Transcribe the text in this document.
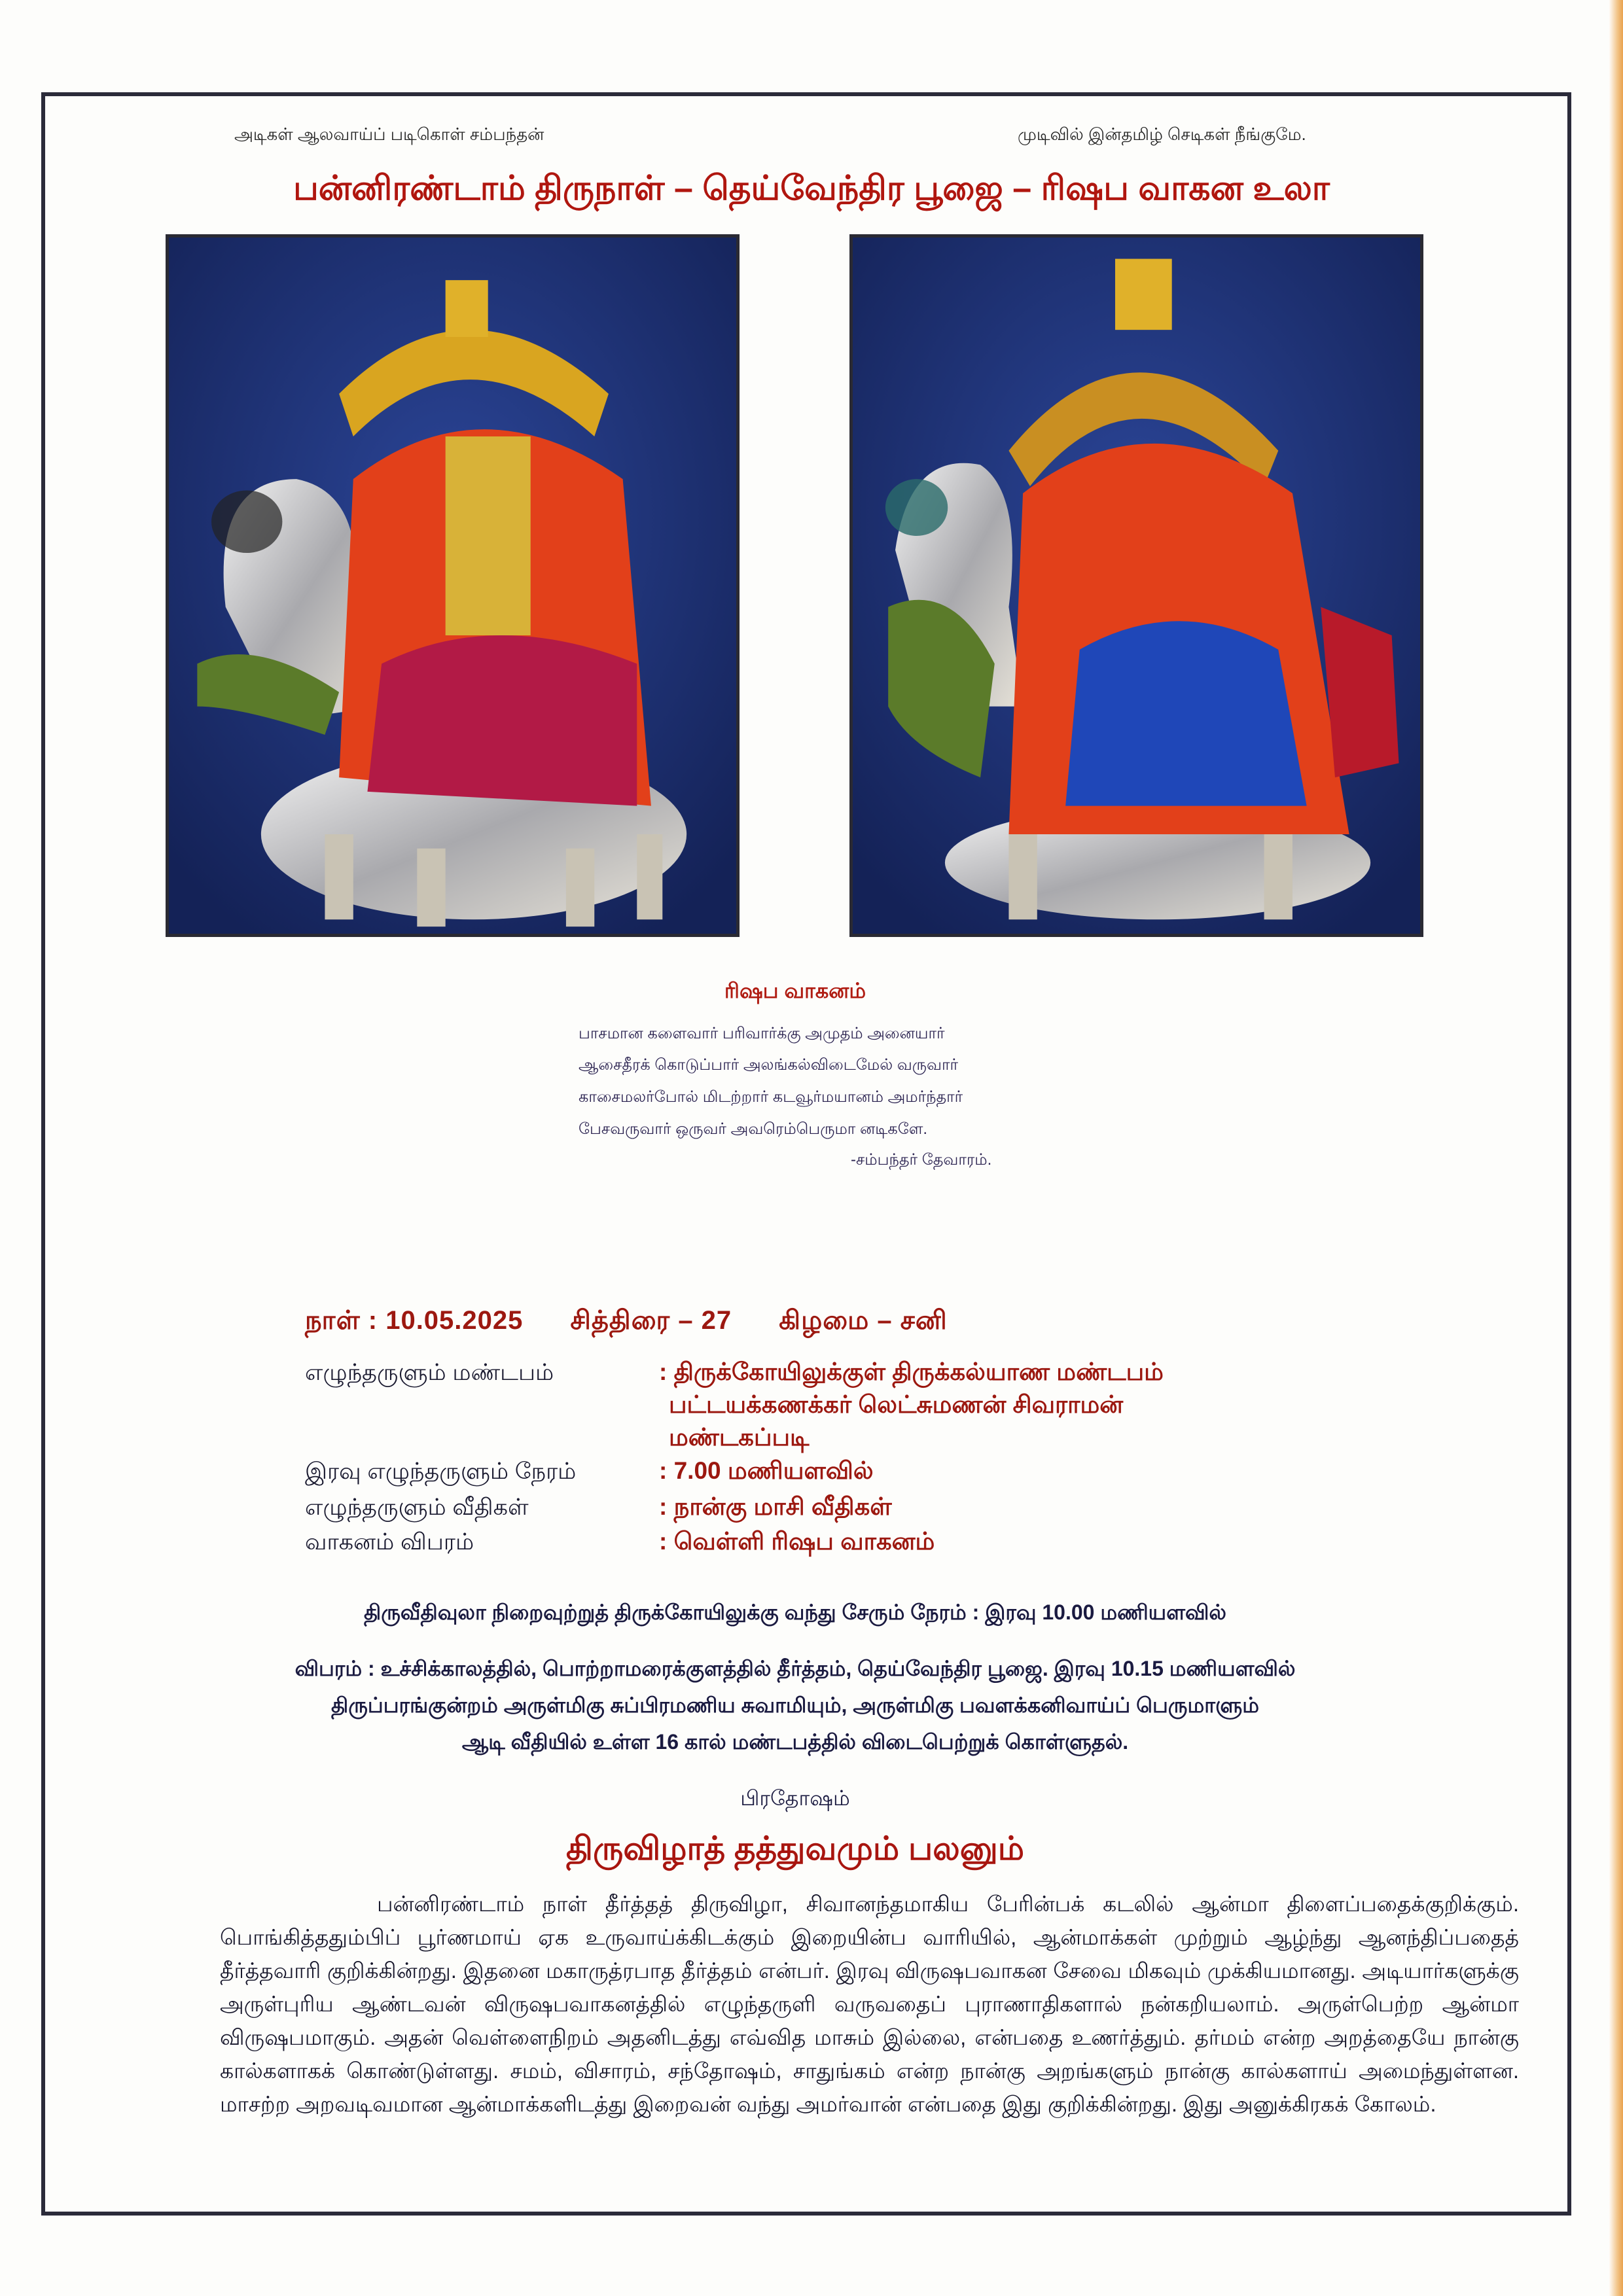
அடிகள் ஆலவாய்ப் படிகொள் சம்பந்தன்	முடிவில் இன்தமிழ் செடிகள் நீங்குமே.
பன்னிரண்டாம் திருநாள் – தெய்வேந்திர பூஜை – ரிஷப வாகன உலா
ரிஷப வாகனம்
பாசமான களைவார் பரிவார்க்கு அமுதம் அனையார்
ஆசைதீரக் கொடுப்பார் அலங்கல்விடைமேல் வருவார்
காசைமலர்போல் மிடற்றார் கடவூர்மயானம் அமர்ந்தார்
பேசவருவார் ஒருவர் அவரெம்பெருமா னடிகளே.
-சம்பந்தர் தேவாரம்.
நாள் : 10.05.2025 சித்திரை – 27 கிழமை – சனி
எழுந்தருளும் மண்டபம்	: திருக்கோயிலுக்குள் திருக்கல்யாண மண்டபம்
பட்டயக்கணக்கர் லெட்சுமணன் சிவராமன்
மண்டகப்படி
இரவு எழுந்தருளும் நேரம்	: 7.00 மணியளவில்
எழுந்தருளும் வீதிகள்	: நான்கு மாசி வீதிகள்
வாகனம் விபரம்	: வெள்ளி ரிஷப வாகனம்
திருவீதிவுலா நிறைவுற்றுத் திருக்கோயிலுக்கு வந்து சேரும் நேரம் : இரவு 10.00 மணியளவில்
விபரம் : உச்சிக்காலத்தில், பொற்றாமரைக்குளத்தில் தீர்த்தம், தெய்வேந்திர பூஜை. இரவு 10.15 மணியளவில்
திருப்பரங்குன்றம் அருள்மிகு சுப்பிரமணிய சுவாமியும், அருள்மிகு பவளக்கனிவாய்ப் பெருமாளும்
ஆடி வீதியில் உள்ள 16 கால் மண்டபத்தில் விடைபெற்றுக் கொள்ளுதல்.
பிரதோஷம்
திருவிழாத் தத்துவமும் பலனும்
பன்னிரண்டாம் நாள் தீர்த்தத் திருவிழா, சிவானந்தமாகிய பேரின்பக் கடலில் ஆன்மா திளைப்பதைக்குறிக்கும். பொங்கித்ததும்பிப் பூர்ணமாய் ஏக உருவாய்க்கிடக்கும் இறையின்ப வாரியில், ஆன்மாக்கள் முற்றும் ஆழ்ந்து ஆனந்திப்பதைத் தீர்த்தவாரி குறிக்கின்றது. இதனை மகாருத்ரபாத தீர்த்தம் என்பர். இரவு விருஷபவாகன சேவை மிகவும் முக்கியமானது. அடியார்களுக்கு அருள்புரிய ஆண்டவன் விருஷபவாகனத்தில் எழுந்தருளி வருவதைப் புராணாதிகளால் நன்கறியலாம். அருள்பெற்ற ஆன்மா விருஷபமாகும். அதன் வெள்ளைநிறம் அதனிடத்து எவ்வித மாசும் இல்லை, என்பதை உணர்த்தும். தர்மம் என்ற அறத்தையே நான்கு கால்களாகக் கொண்டுள்ளது. சமம், விசாரம், சந்தோஷம், சாதுங்கம் என்ற நான்கு அறங்களும் நான்கு கால்களாய் அமைந்துள்ளன. மாசற்ற அறவடிவமான ஆன்மாக்களிடத்து இறைவன் வந்து அமர்வான் என்பதை இது குறிக்கின்றது. இது அனுக்கிரகக் கோலம்.
